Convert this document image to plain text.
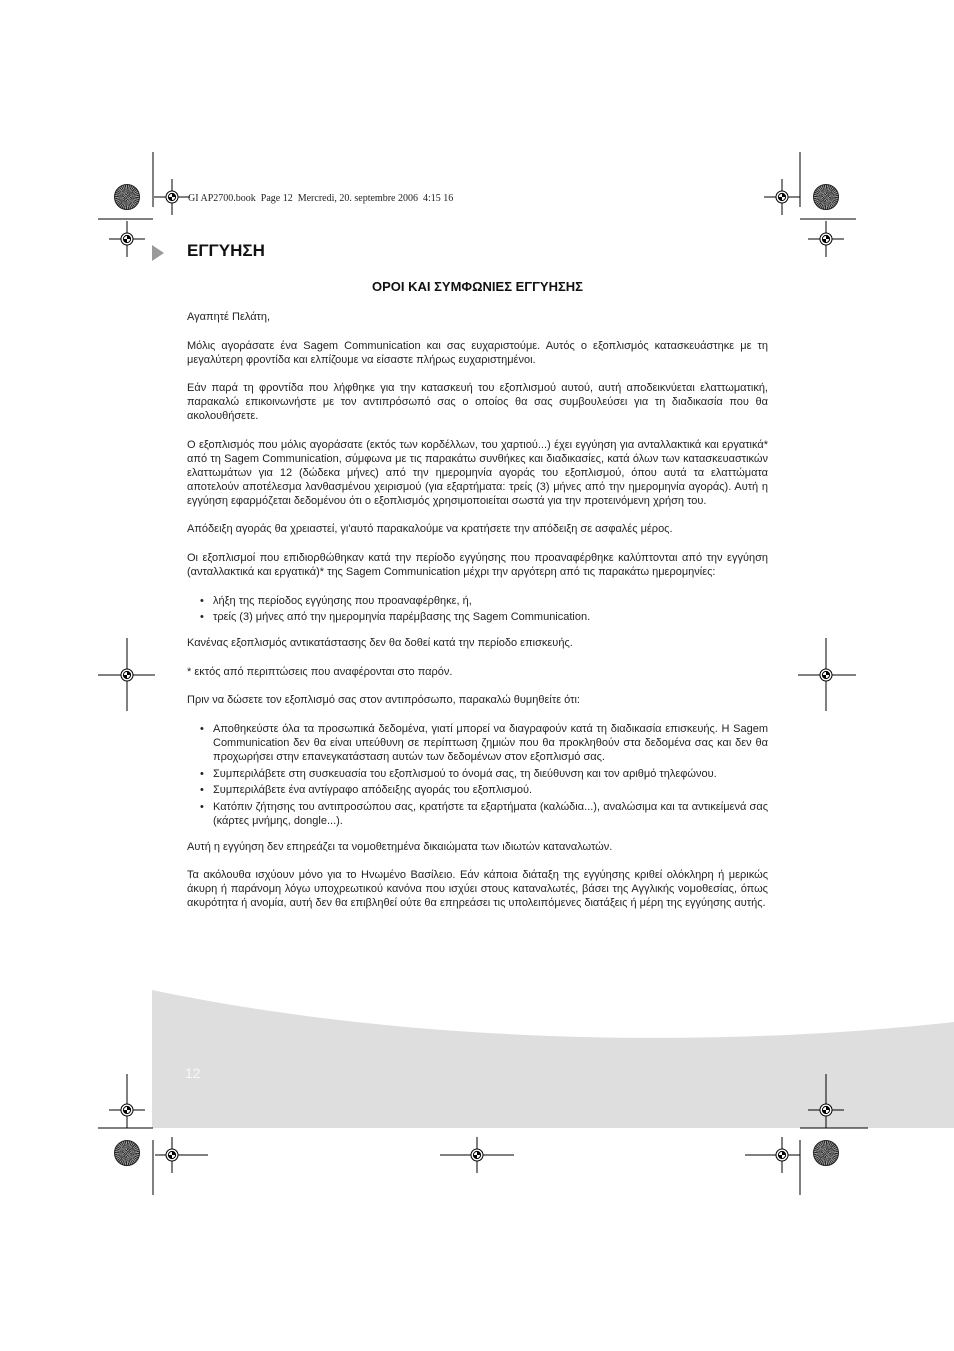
GI AP2700.book  Page 12  Mercredi, 20. septembre 2006  4:15 16
ΕΓΓΥΗΣΗ
ΟΡΟΙ ΚΑΙ ΣΥΜΦΩΝΙΕΣ ΕΓΓΥΗΣΗΣ

Αγαπητέ Πελάτη,

Μόλις αγοράσατε ένα Sagem Communication και σας ευχαριστούμε. Αυτός ο εξοπλισμός κατασκευάστηκε με τη μεγαλύτερη φροντίδα και ελπίζουμε να είσαστε πλήρως ευχαριστημένοι.

Εάν παρά τη φροντίδα που λήφθηκε για την κατασκευή του εξοπλισμού αυτού, αυτή αποδεικνύεται ελαττωματική, παρακαλώ επικοινωνήστε με τον αντιπρόσωπό σας ο οποίος θα σας συμβουλεύσει για τη διαδικασία που θα ακολουθήσετε.

Ο εξοπλισμός που μόλις αγοράσατε (εκτός των κορδέλλων, του χαρτιού...) έχει εγγύηση για ανταλλακτικά και εργατικά* από τη Sagem Communication, σύμφωνα με τις παρακάτω συνθήκες και διαδικασίες, κατά όλων των κατασκευαστικών ελαττωμάτων για 12 (δώδεκα μήνες) από την ημερομηνία αγοράς του εξοπλισμού, όπου αυτά τα ελαττώματα αποτελούν αποτέλεσμα λανθασμένου χειρισμού (για εξαρτήματα: τρείς (3) μήνες από την ημερομηνία αγοράς). Αυτή η εγγύηση εφαρμόζεται δεδομένου ότι ο εξοπλισμός χρησιμοποιείται σωστά για την προτεινόμενη χρήση του.

Απόδειξη αγοράς θα χρειαστεί, γι'αυτό παρακαλούμε να κρατήσετε την απόδειξη σε ασφαλές μέρος.

Οι εξοπλισμοί που επιδιορθώθηκαν κατά την περίοδο εγγύησης που προαναφέρθηκε καλύπτονται από την εγγύηση (ανταλλακτικά και εργατικά)* της Sagem Communication μέχρι την αργότερη από τις παρακάτω ημερομηνίες:

• λήξη της περίοδος εγγύησης που προαναφέρθηκε, ή,
• τρείς (3) μήνες από την ημερομηνία παρέμβασης της Sagem Communication.

Κανένας εξοπλισμός αντικατάστασης δεν θα δοθεί κατά την περίοδο επισκευής.

* εκτός από περιπτώσεις που αναφέρονται στο παρόν.

Πριν να δώσετε τον εξοπλισμό σας στον αντιπρόσωπο, παρακαλώ θυμηθείτε ότι:

• Αποθηκεύστε όλα τα προσωπικά δεδομένα, γιατί μπορεί να διαγραφούν κατά τη διαδικασία επισκευής. Η Sagem Communication δεν θα είναι υπεύθυνη σε περίπτωση ζημιών που θα προκληθούν στα δεδομένα σας και δεν θα προχωρήσει στην επανεγκατάσταση αυτών των δεδομένων στον εξοπλισμό σας.
• Συμπεριλάβετε στη συσκευασία του εξοπλισμού το όνομά σας, τη διεύθυνση και τον αριθμό τηλεφώνου.
• Συμπεριλάβετε ένα αντίγραφο απόδειξης αγοράς του εξοπλισμού.
• Κατόπιν ζήτησης του αντιπροσώπου σας, κρατήστε τα εξαρτήματα (καλώδια...), αναλώσιμα και τα αντικείμενά σας (κάρτες μνήμης, dongle...).

Αυτή η εγγύηση δεν επηρεάζει τα νομοθετημένα δικαιώματα των ιδιωτών καταναλωτών.

Τα ακόλουθα ισχύουν μόνο για το Ηνωμένο Βασίλειο. Εάν κάποια διάταξη της εγγύησης κριθεί ολόκληρη ή μερικώς άκυρη ή παράνομη λόγω υποχρεωτικού κανόνα που ισχύει στους καταναλωτές, βάσει της Αγγλικής νομοθεσίας, όπως ακυρότητα ή ανομία, αυτή δεν θα επιβληθεί ούτε θα επηρεάσει τις υπολειπόμενες διατάξεις ή μέρη της εγγύησης αυτής.

12
